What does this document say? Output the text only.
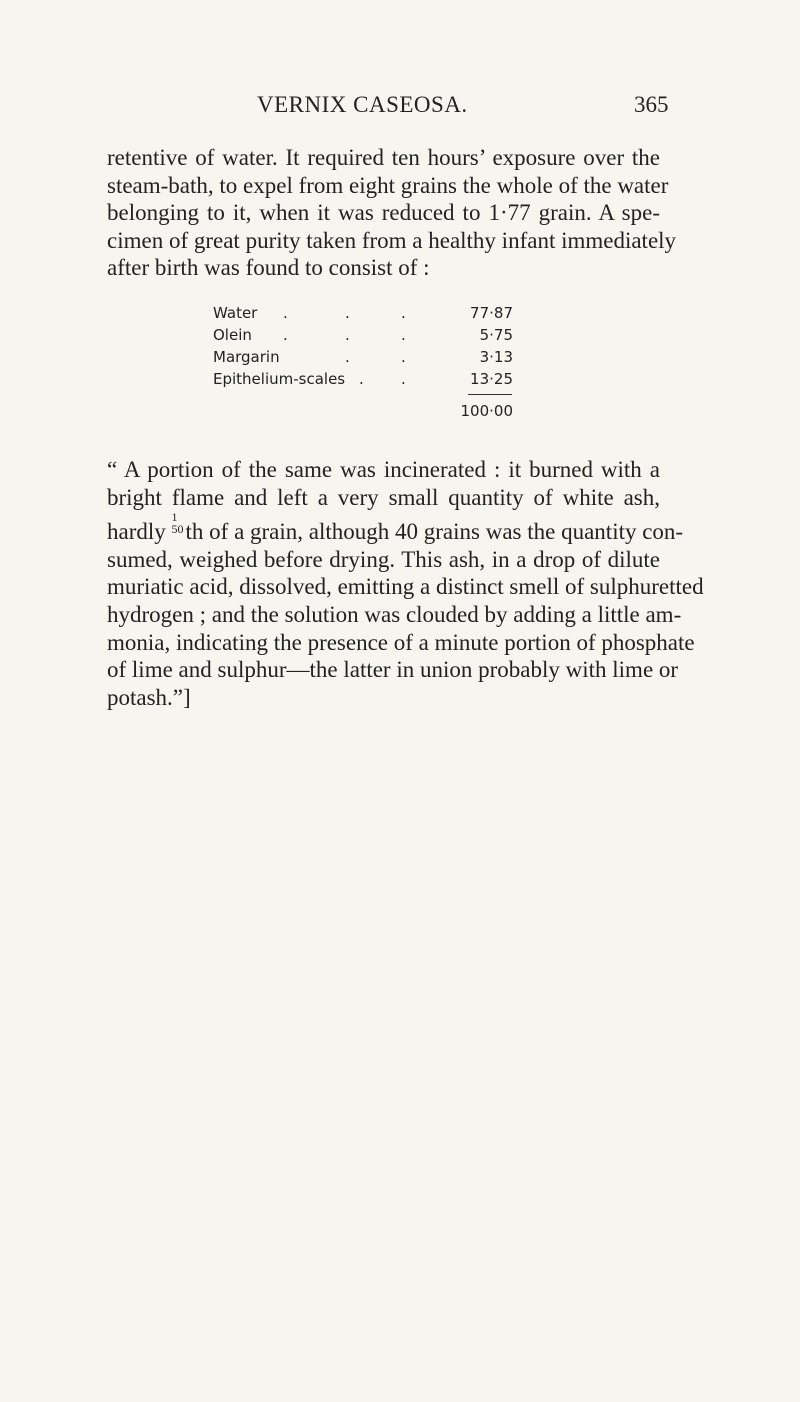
VERNIX CASEOSA.	365
retentive of water. It required ten hours’ exposure over the
steam-bath, to expel from eight grains the whole of the water
belonging to it, when it was reduced to 1·77 grain. A spe-
cimen of great purity taken from a healthy infant immediately
after birth was found to consist of :
Water .	.	.	77·87
Olein .	.	.	5·75
Margarin	.	.	3·13
Epithelium-scales . .	13·25
100·00
“ A portion of the same was incinerated : it burned with a
bright flame and left a very small quantity of white ash,
hardly
1
50 th of a grain, although 40 grains was the quantity con-
sumed, weighed before drying. This ash, in a drop of dilute
muriatic acid, dissolved, emitting a distinct smell of sulphuretted
hydrogen ; and the solution was clouded by adding a little am-
monia, indicating the presence of a minute portion of phosphate
of lime and sulphur—the latter in union probably with lime or
potash.”]
